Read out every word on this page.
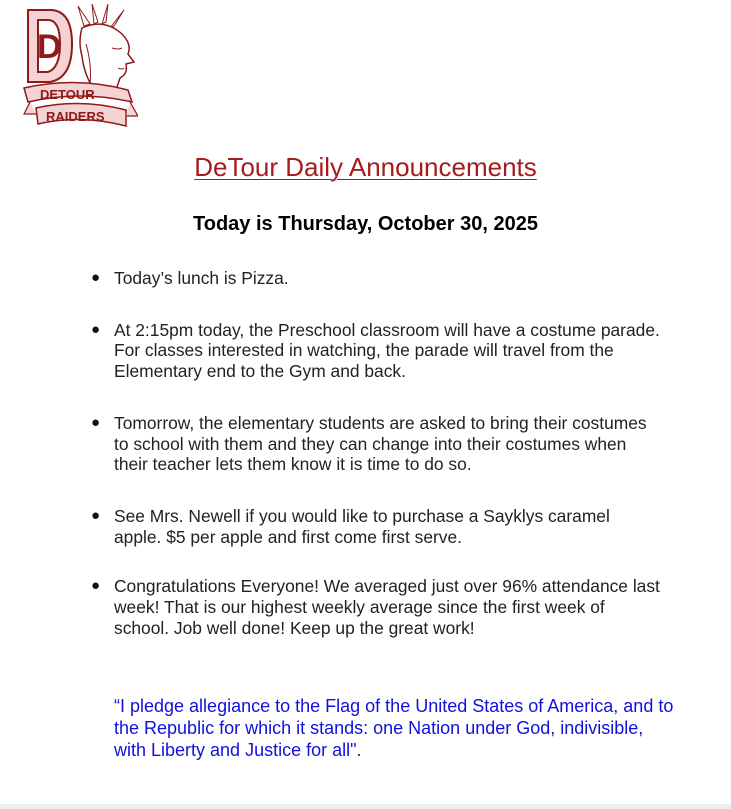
D
DETOUR
RAIDERS
DeTour Daily Announcements
Today is Thursday, October 30, 2025
● Today’s lunch is Pizza.
● At 2:15pm today, the Preschool classroom will have a costume parade. For classes interested in watching, the parade will travel from the Elementary end to the Gym and back.
● Tomorrow, the elementary students are asked to bring their costumes to school with them and they can change into their costumes when their teacher lets them know it is time to do so.
● See Mrs. Newell if you would like to purchase a Sayklys caramel apple. $5 per apple and first come first serve.
● Congratulations Everyone! We averaged just over 96% attendance last week! That is our highest weekly average since the first week of school. Job well done! Keep up the great work!
“I pledge allegiance to the Flag of the United States of America, and to the Republic for which it stands: one Nation under God, indivisible, with Liberty and Justice for all".
